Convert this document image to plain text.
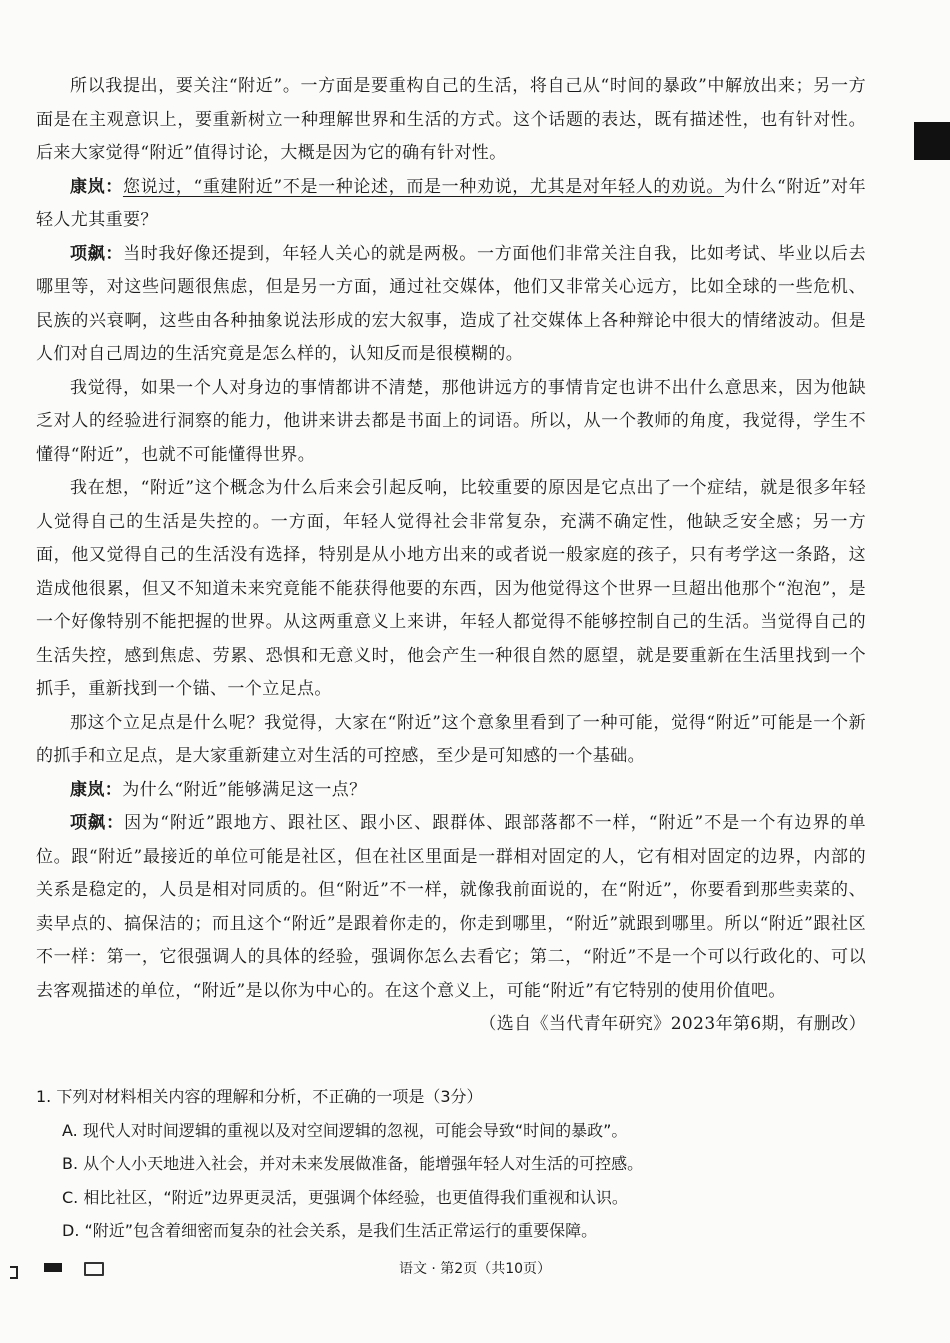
所以我提出，要关注“附近”。一方面是要重构自己的生活，将自己从“时间的暴政”中解放出来；另一方面是在主观意识上，要重新树立一种理解世界和生活的方式。这个话题的表达，既有描述性，也有针对性。后来大家觉得“附近”值得讨论，大概是因为它的确有针对性。

康岚：您说过，“重建附近”不是一种论述，而是一种劝说，尤其是对年轻人的劝说。为什么“附近”对年轻人尤其重要？

项飙：当时我好像还提到，年轻人关心的就是两极。一方面他们非常关注自我，比如考试、毕业以后去哪里等，对这些问题很焦虑，但是另一方面，通过社交媒体，他们又非常关心远方，比如全球的一些危机、民族的兴衰啊，这些由各种抽象说法形成的宏大叙事，造成了社交媒体上各种辩论中很大的情绪波动。但是人们对自己周边的生活究竟是怎么样的，认知反而是很模糊的。

我觉得，如果一个人对身边的事情都讲不清楚，那他讲远方的事情肯定也讲不出什么意思来，因为他缺乏对人的经验进行洞察的能力，他讲来讲去都是书面上的词语。所以，从一个教师的角度，我觉得，学生不懂得“附近”，也就不可能懂得世界。

我在想，“附近”这个概念为什么后来会引起反响，比较重要的原因是它点出了一个症结，就是很多年轻人觉得自己的生活是失控的。一方面，年轻人觉得社会非常复杂，充满不确定性，他缺乏安全感；另一方面，他又觉得自己的生活没有选择，特别是从小地方出来的或者说一般家庭的孩子，只有考学这一条路，这造成他很累，但又不知道未来究竟能不能获得他要的东西，因为他觉得这个世界一旦超出他那个“泡泡”，是一个好像特别不能把握的世界。从这两重意义上来讲，年轻人都觉得不能够控制自己的生活。当觉得自己的生活失控，感到焦虑、劳累、恐惧和无意义时，他会产生一种很自然的愿望，就是要重新在生活里找到一个抓手，重新找到一个锚、一个立足点。

那这个立足点是什么呢？我觉得，大家在“附近”这个意象里看到了一种可能，觉得“附近”可能是一个新的抓手和立足点，是大家重新建立对生活的可控感，至少是可知感的一个基础。

康岚：为什么“附近”能够满足这一点？

项飙：因为“附近”跟地方、跟社区、跟小区、跟群体、跟部落都不一样，“附近”不是一个有边界的单位。跟“附近”最接近的单位可能是社区，但在社区里面是一群相对固定的人，它有相对固定的边界，内部的关系是稳定的，人员是相对同质的。但“附近”不一样，就像我前面说的，在“附近”，你要看到那些卖菜的、卖早点的、搞保洁的；而且这个“附近”是跟着你走的，你走到哪里，“附近”就跟到哪里。所以“附近”跟社区不一样：第一，它很强调人的具体的经验，强调你怎么去看它；第二，“附近”不是一个可以行政化的、可以去客观描述的单位，“附近”是以你为中心的。在这个意义上，可能“附近”有它特别的使用价值吧。

（选自《当代青年研究》2023年第6期，有删改）

1. 下列对材料相关内容的理解和分析，不正确的一项是（3分）

A. 现代人对时间逻辑的重视以及对空间逻辑的忽视，可能会导致“时间的暴政”。

B. 从个人小天地进入社会，并对未来发展做准备，能增强年轻人对生活的可控感。

C. 相比社区，“附近”边界更灵活，更强调个体经验，也更值得我们重视和认识。

D. “附近”包含着细密而复杂的社会关系，是我们生活正常运行的重要保障。

语文 · 第2页（共10页）
